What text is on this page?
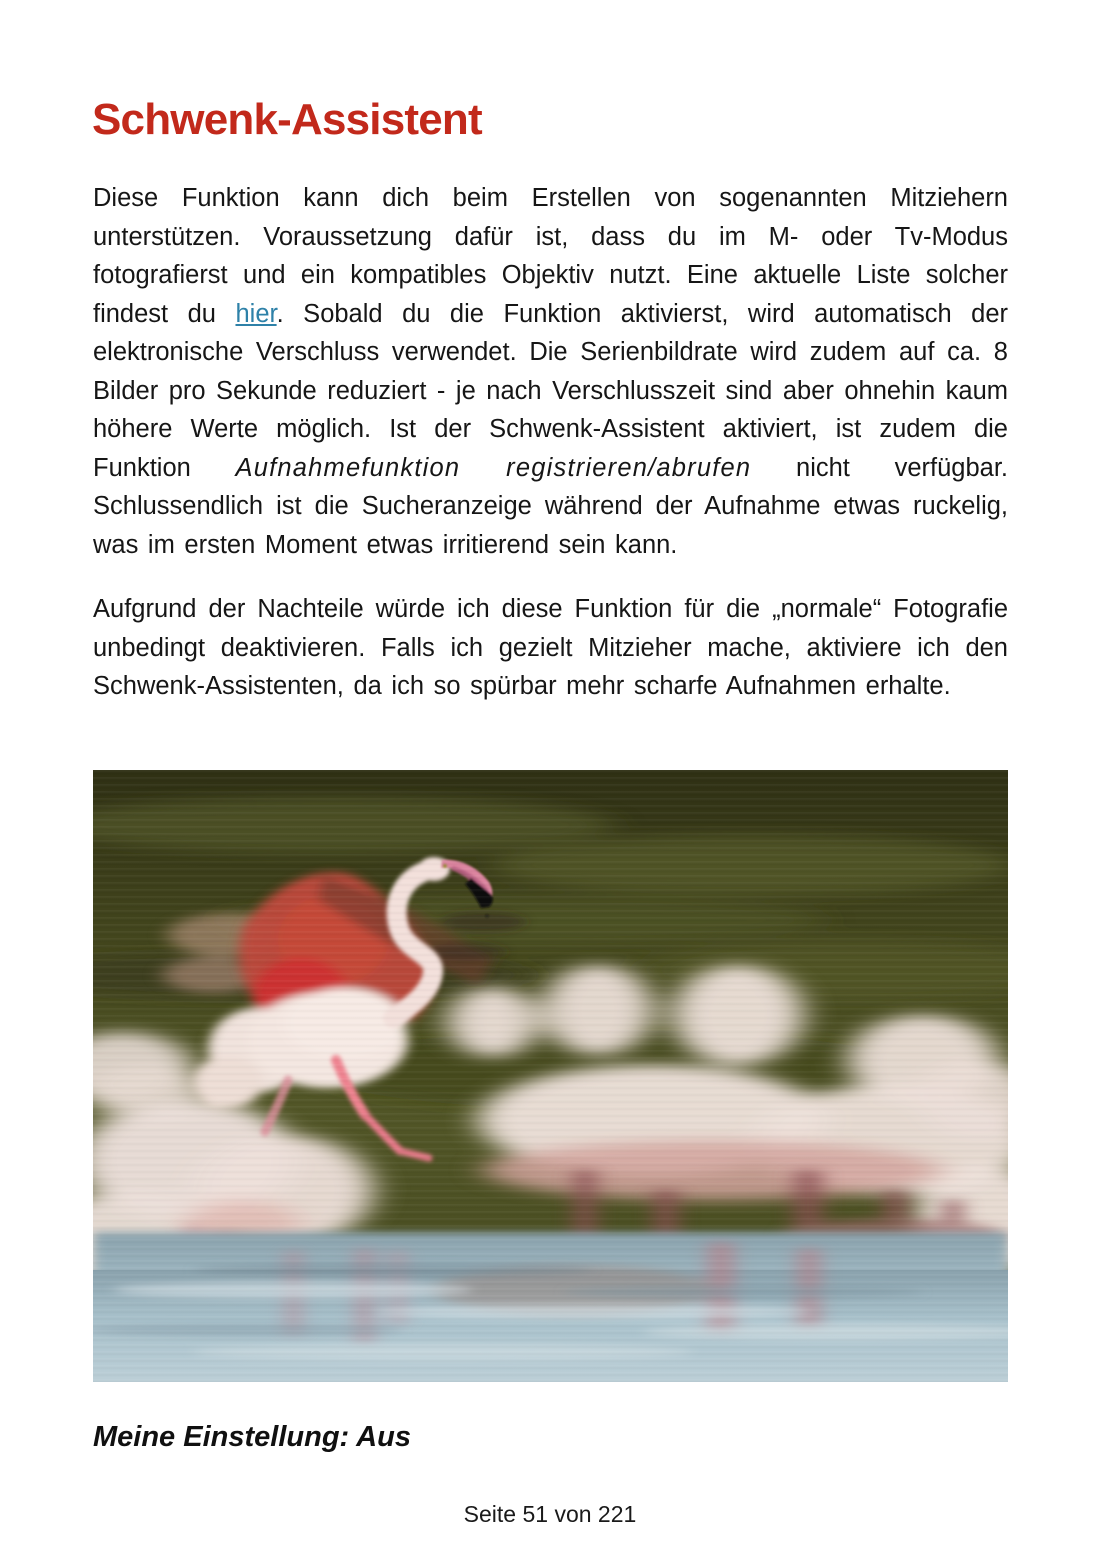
Schwenk-Assistent

Diese Funktion kann dich beim Erstellen von sogenannten Mitziehern unterstützen. Voraussetzung dafür ist, dass du im M- oder Tv-Modus fotografierst und ein kompatibles Objektiv nutzt. Eine aktuelle Liste solcher findest du hier. Sobald du die Funktion aktivierst, wird automatisch der elektronische Verschluss verwendet. Die Serienbildrate wird zudem auf ca. 8 Bilder pro Sekunde reduziert - je nach Verschlusszeit sind aber ohnehin kaum höhere Werte möglich. Ist der Schwenk-Assistent aktiviert, ist zudem die Funktion Aufnahmefunktion registrieren/abrufen nicht verfügbar. Schlussendlich ist die Sucheranzeige während der Aufnahme etwas ruckelig, was im ersten Moment etwas irritierend sein kann.

Aufgrund der Nachteile würde ich diese Funktion für die „normale“ Fotografie unbedingt deaktivieren. Falls ich gezielt Mitzieher mache, aktiviere ich den Schwenk-Assistenten, da ich so spürbar mehr scharfe Aufnahmen erhalte.

Meine Einstellung: Aus

Seite 51 von 221
